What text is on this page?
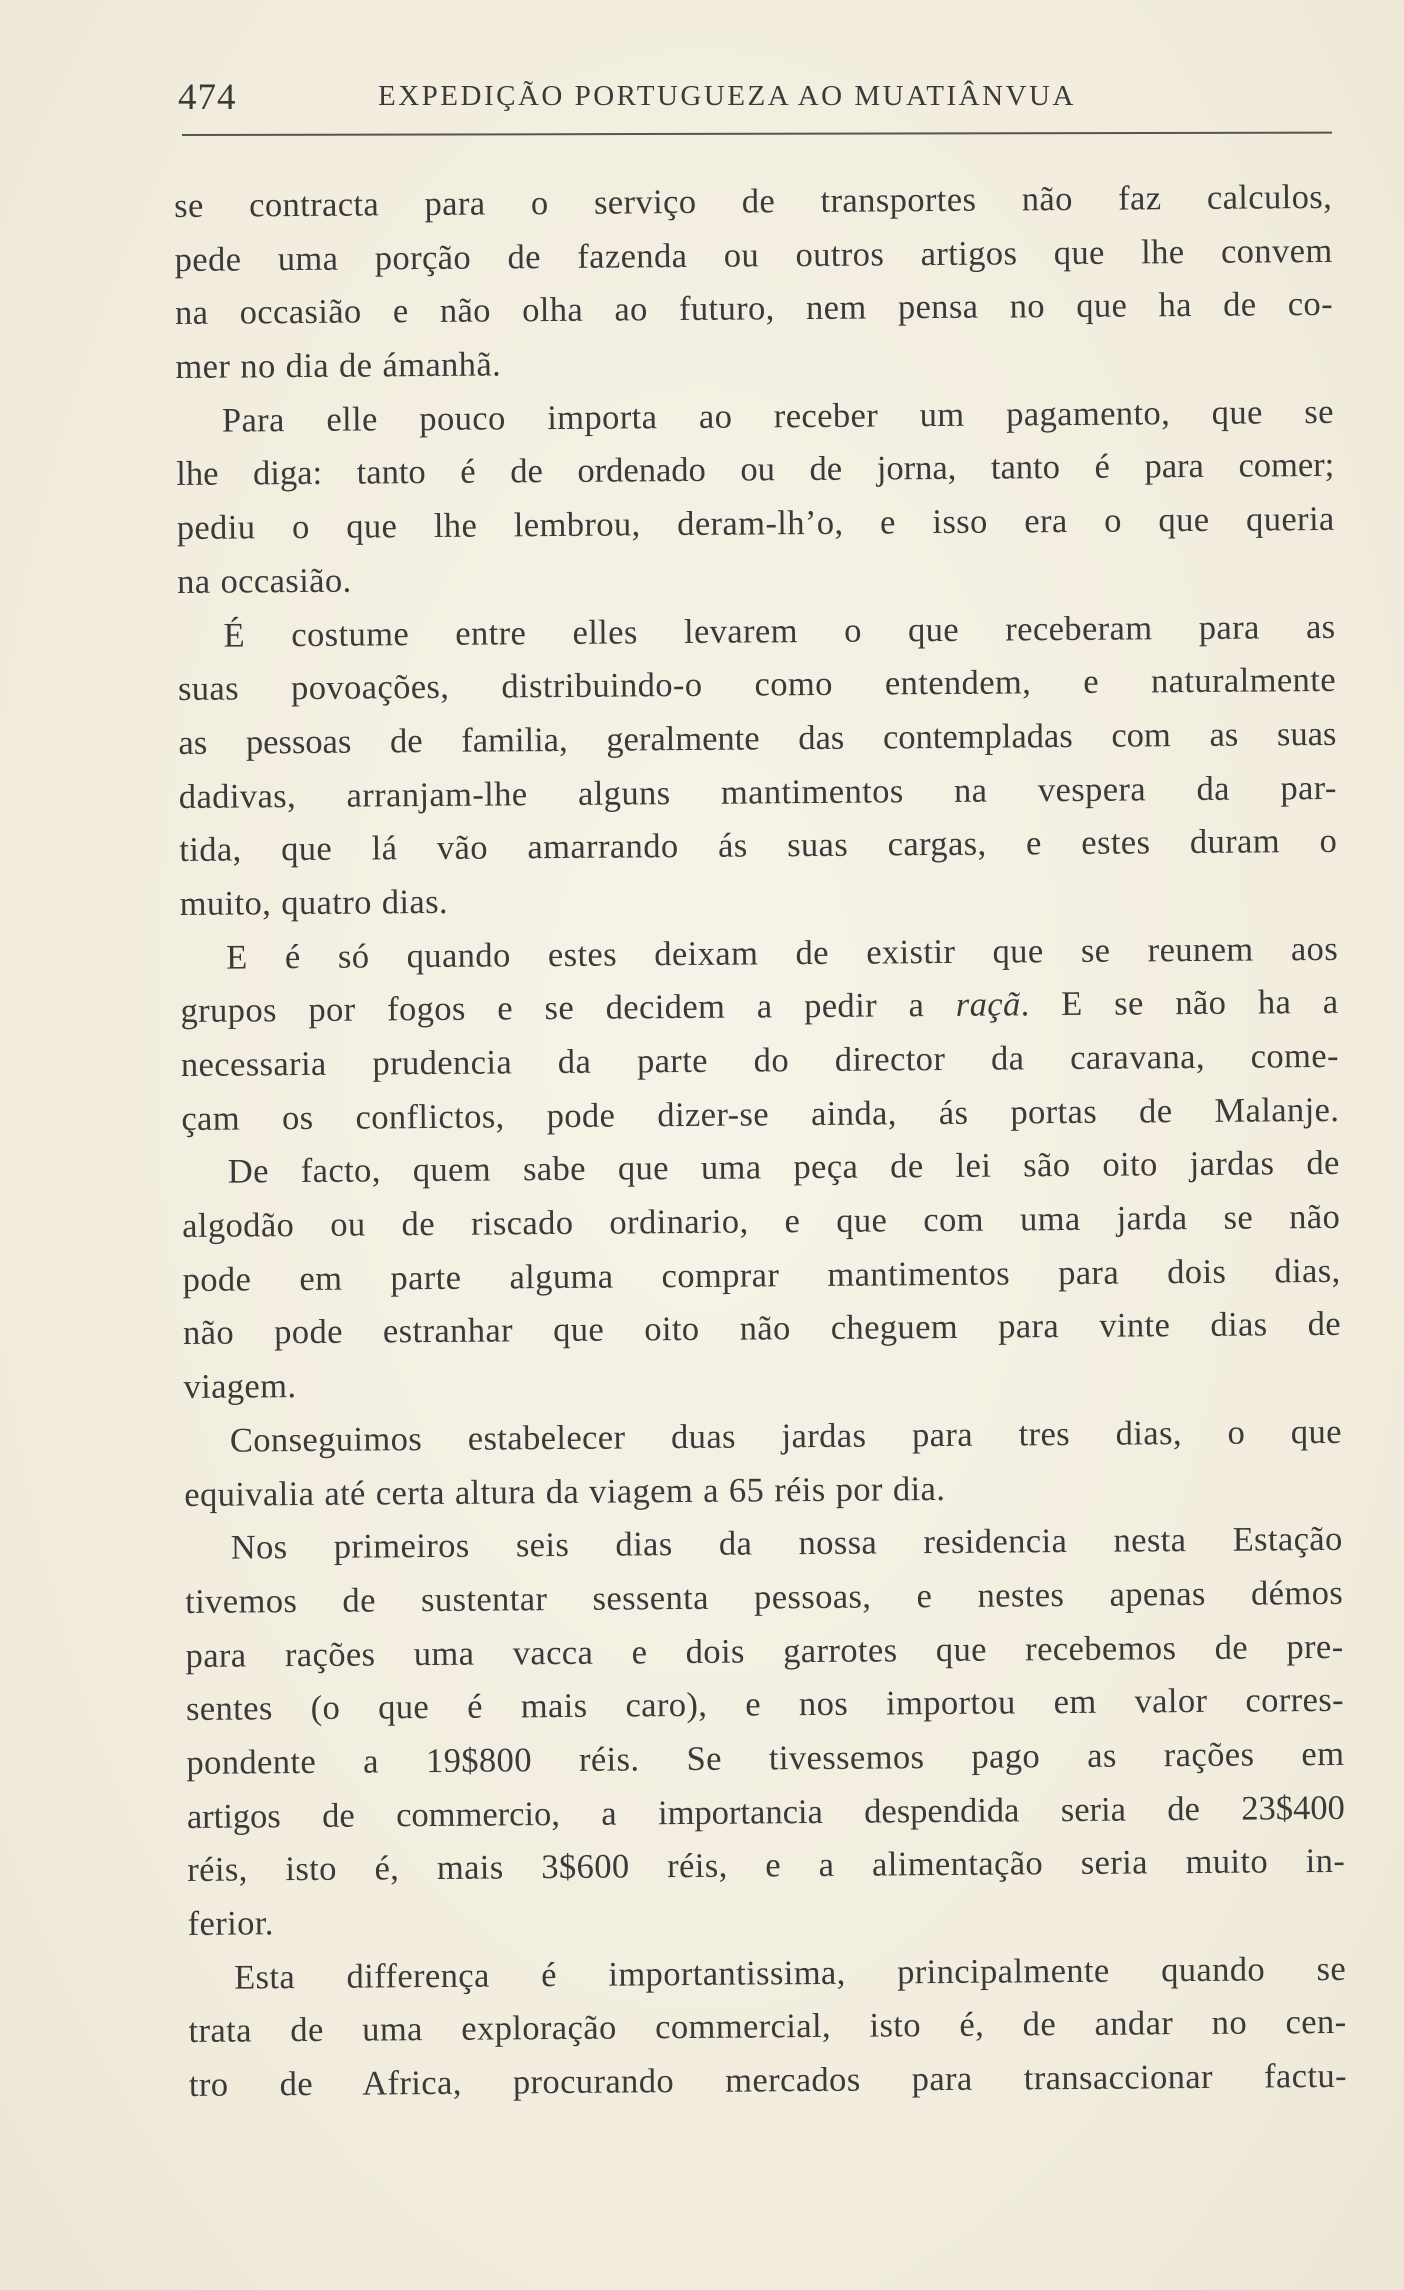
474	EXPEDIÇÃO PORTUGUEZA AO MUATIÂNVUA
se contracta para o serviço de transportes não faz calculos,
pede uma porção de fazenda ou outros artigos que lhe convem
na occasião e não olha ao futuro, nem pensa no que ha de co-
mer no dia de ámanhã.
Para elle pouco importa ao receber um pagamento, que se
lhe diga: tanto é de ordenado ou de jorna, tanto é para comer;
pediu o que lhe lembrou, deram-lh’o, e isso era o que queria
na occasião.
É costume entre elles levarem o que receberam para as
suas povoações, distribuindo-o como entendem, e naturalmente
as pessoas de familia, geralmente das contempladas com as suas
dadivas, arranjam-lhe alguns mantimentos na vespera da par-
tida, que lá vão amarrando ás suas cargas, e estes duram o
muito, quatro dias.
E é só quando estes deixam de existir que se reunem aos
grupos por fogos e se decidem a pedir a raçã. E se não ha a
necessaria prudencia da parte do director da caravana, come-
çam os conflictos, pode dizer-se ainda, ás portas de Malanje.
De facto, quem sabe que uma peça de lei são oito jardas de
algodão ou de riscado ordinario, e que com uma jarda se não
pode em parte alguma comprar mantimentos para dois dias,
não pode estranhar que oito não cheguem para vinte dias de
viagem.
Conseguimos estabelecer duas jardas para tres dias, o que
equivalia até certa altura da viagem a 65 réis por dia.
Nos primeiros seis dias da nossa residencia nesta Estação
tivemos de sustentar sessenta pessoas, e nestes apenas démos
para rações uma vacca e dois garrotes que recebemos de pre-
sentes (o que é mais caro), e nos importou em valor corres-
pondente a 19$800 réis. Se tivessemos pago as rações em
artigos de commercio, a importancia despendida seria de 23$400
réis, isto é, mais 3$600 réis, e a alimentação seria muito in-
ferior.
Esta differença é importantissima, principalmente quando se
trata de uma exploração commercial, isto é, de andar no cen-
tro de Africa, procurando mercados para transaccionar factu-
